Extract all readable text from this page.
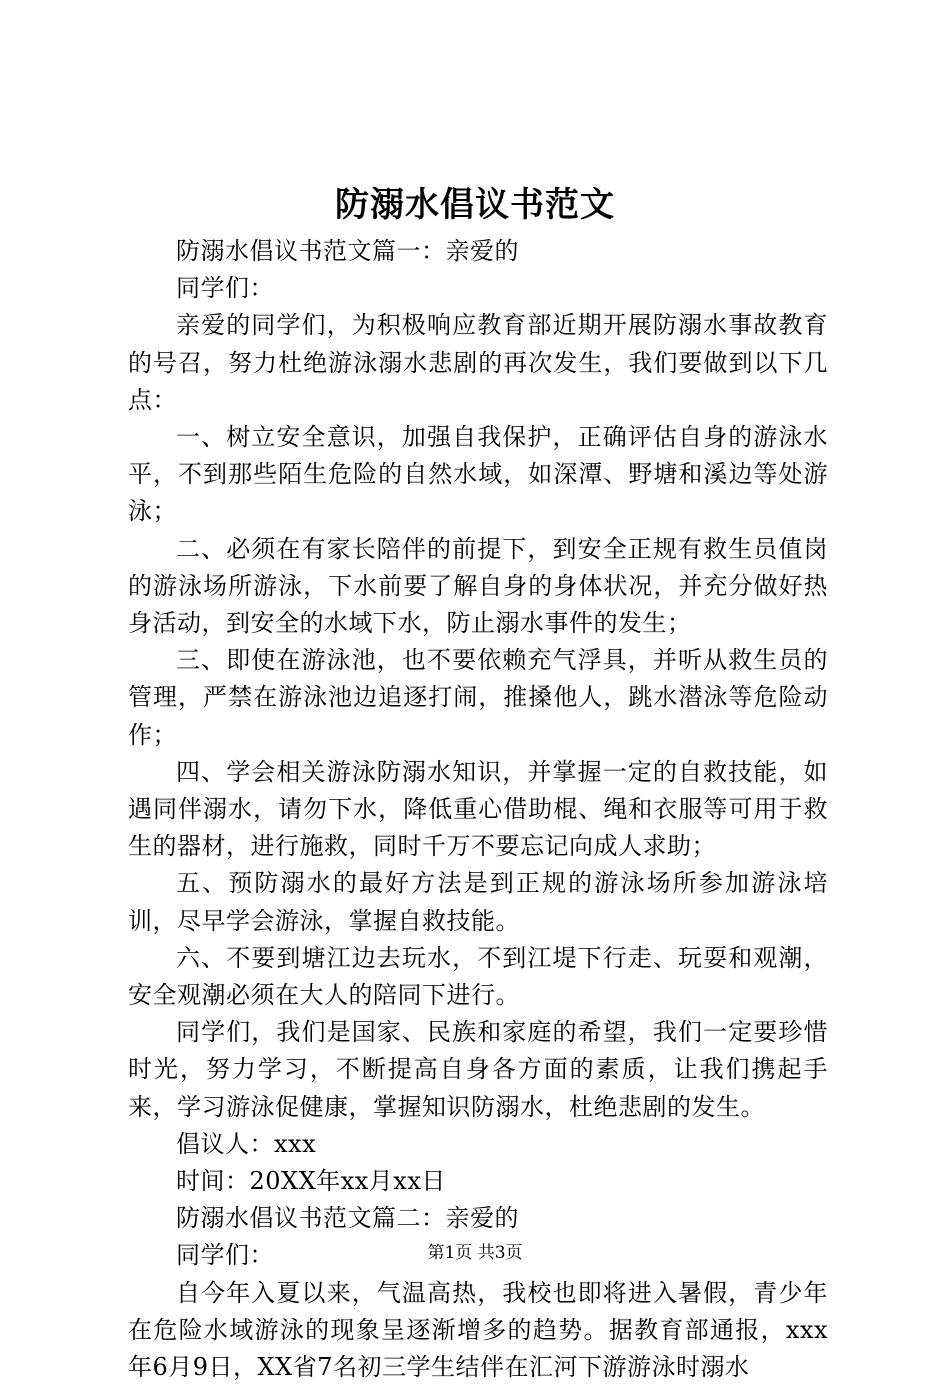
防溺水倡议书范文

防溺水倡议书范文篇一：亲爱的

同学们：

亲爱的同学们，为积极响应教育部近期开展防溺水事故教育的号召，努力杜绝游泳溺水悲剧的再次发生，我们要做到以下几点：

一、树立安全意识，加强自我保护，正确评估自身的游泳水平，不到那些陌生危险的自然水域，如深潭、野塘和溪边等处游泳；

二、必须在有家长陪伴的前提下，到安全正规有救生员值岗的游泳场所游泳，下水前要了解自身的身体状况，并充分做好热身活动，到安全的水域下水，防止溺水事件的发生；

三、即使在游泳池，也不要依赖充气浮具，并听从救生员的管理，严禁在游泳池边追逐打闹，推搡他人，跳水潜泳等危险动作；

四、学会相关游泳防溺水知识，并掌握一定的自救技能，如遇同伴溺水，请勿下水，降低重心借助棍、绳和衣服等可用于救生的器材，进行施救，同时千万不要忘记向成人求助；

五、预防溺水的最好方法是到正规的游泳场所参加游泳培训，尽早学会游泳，掌握自救技能。

六、不要到塘江边去玩水，不到江堤下行走、玩耍和观潮，安全观潮必须在大人的陪同下进行。

同学们，我们是国家、民族和家庭的希望，我们一定要珍惜时光，努力学习，不断提高自身各方面的素质，让我们携起手来，学习游泳促健康，掌握知识防溺水，杜绝悲剧的发生。

倡议人：xxx

时间：20XX年xx月xx日

防溺水倡议书范文篇二：亲爱的

同学们：

自今年入夏以来，气温高热，我校也即将进入暑假，青少年在危险水域游泳的现象呈逐渐增多的趋势。据教育部通报，xxx年6月9日，XX省7名初三学生结伴在汇河下游游泳时溺水

第1页 共3页
